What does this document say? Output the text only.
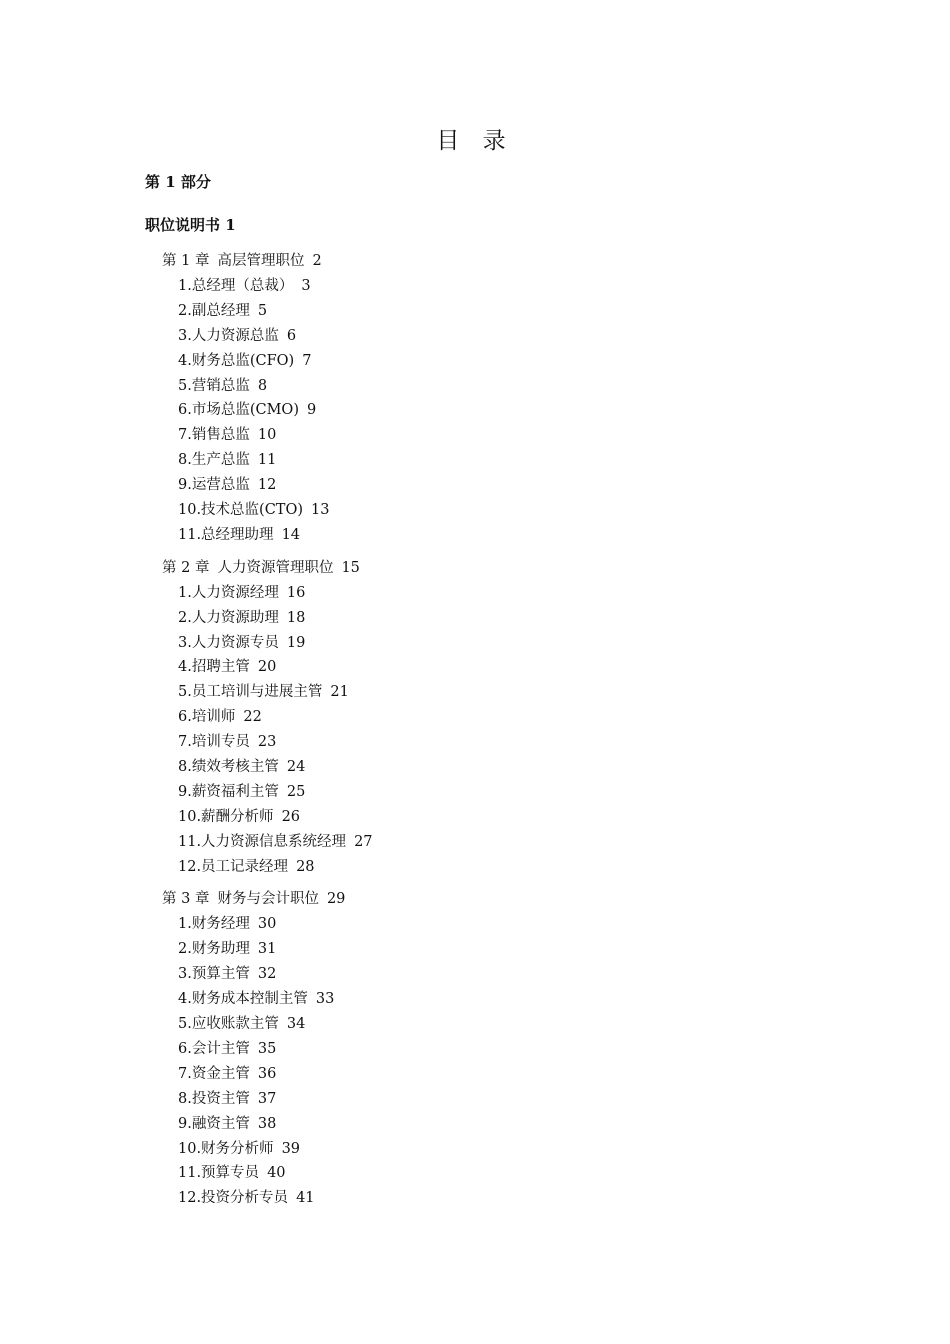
目 录
第 1 部分
职位说明书 1
第 1 章 高层管理职位 2
1.总经理（总裁） 3
2.副总经理 5
3.人力资源总监 6
4.财务总监(CFO) 7
5.营销总监 8
6.市场总监(CMO) 9
7.销售总监 10
8.生产总监 11
9.运营总监 12
10.技术总监(CTO) 13
11.总经理助理 14
第 2 章 人力资源管理职位 15
1.人力资源经理 16
2.人力资源助理 18
3.人力资源专员 19
4.招聘主管 20
5.员工培训与进展主管 21
6.培训师 22
7.培训专员 23
8.绩效考核主管 24
9.薪资福利主管 25
10.薪酬分析师 26
11.人力资源信息系统经理 27
12.员工记录经理 28
第 3 章 财务与会计职位 29
1.财务经理 30
2.财务助理 31
3.预算主管 32
4.财务成本控制主管 33
5.应收账款主管 34
6.会计主管 35
7.资金主管 36
8.投资主管 37
9.融资主管 38
10.财务分析师 39
11.预算专员 40
12.投资分析专员 41
